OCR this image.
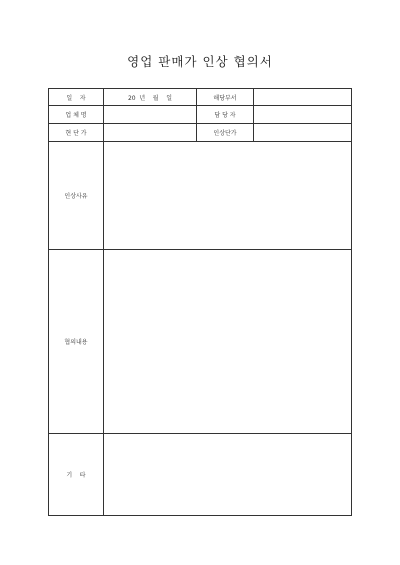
영업 판매가 인상 협의서
일    자	20  년    월    일	해당부서	
업 체 명		담 당 자	
현 단 가		인상단가	
인상사유			
협의내용			
기    타			
